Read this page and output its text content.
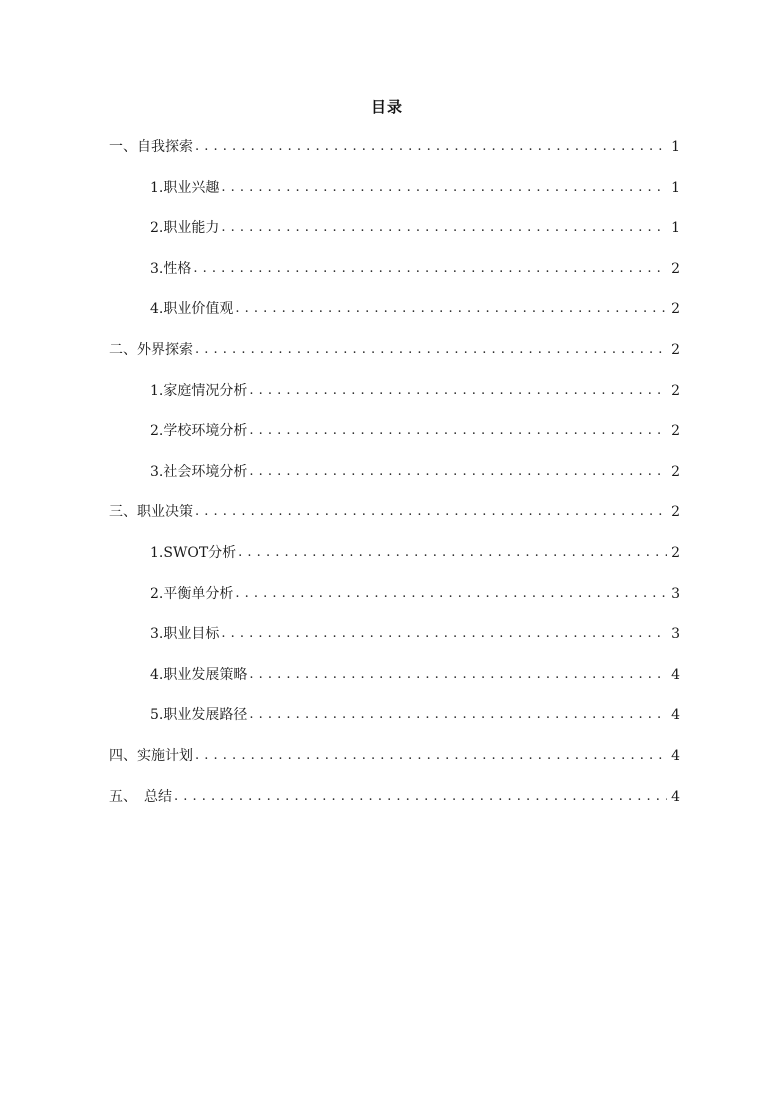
目录
一、自我探索 . . .	1
1.职业兴趣 . . .	1
2.职业能力 . . .	1
3.性格 . . .	2
4.职业价值观 . . .	2
二、外界探索 . . .	2
1.家庭情况分析 . . .	2
2.学校环境分析 . . .	2
3.社会环境分析 . . .	2
三、职业决策 . . .	2
1.SWOT分析 . . .	2
2.平衡单分析 . . .	3
3.职业目标 . . .	3
4.职业发展策略 . . .	4
5.职业发展路径 . . .	4
四、实施计划 . . .	4
五、　总结 . . .	4
